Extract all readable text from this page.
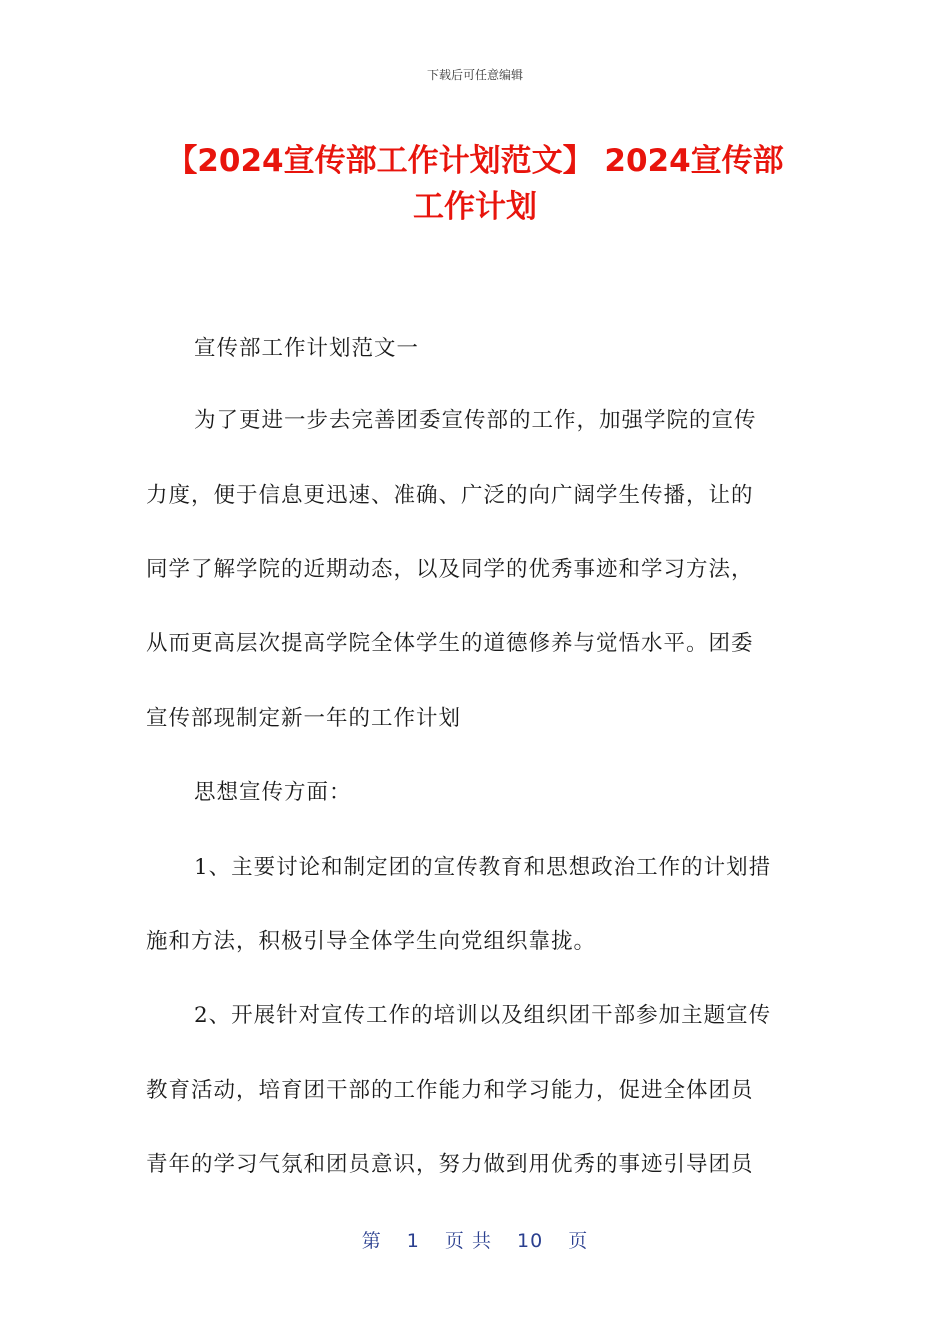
下载后可任意编辑
【2024宣传部工作计划范文】 2024宣传部
工作计划
宣传部工作计划范文一
为了更进一步去完善团委宣传部的工作，加强学院的宣传
力度，便于信息更迅速、准确、广泛的向广阔学生传播，让的
同学了解学院的近期动态，以及同学的优秀事迹和学习方法，
从而更高层次提高学院全体学生的道德修养与觉悟水平。团委
宣传部现制定新一年的工作计划
思想宣传方面：
1、主要讨论和制定团的宣传教育和思想政治工作的计划措
施和方法，积极引导全体学生向党组织靠拢。
2、开展针对宣传工作的培训以及组织团干部参加主题宣传
教育活动，培育团干部的工作能力和学习能力，促进全体团员
青年的学习气氛和团员意识，努力做到用优秀的事迹引导团员
第 1 页 共 10 页
